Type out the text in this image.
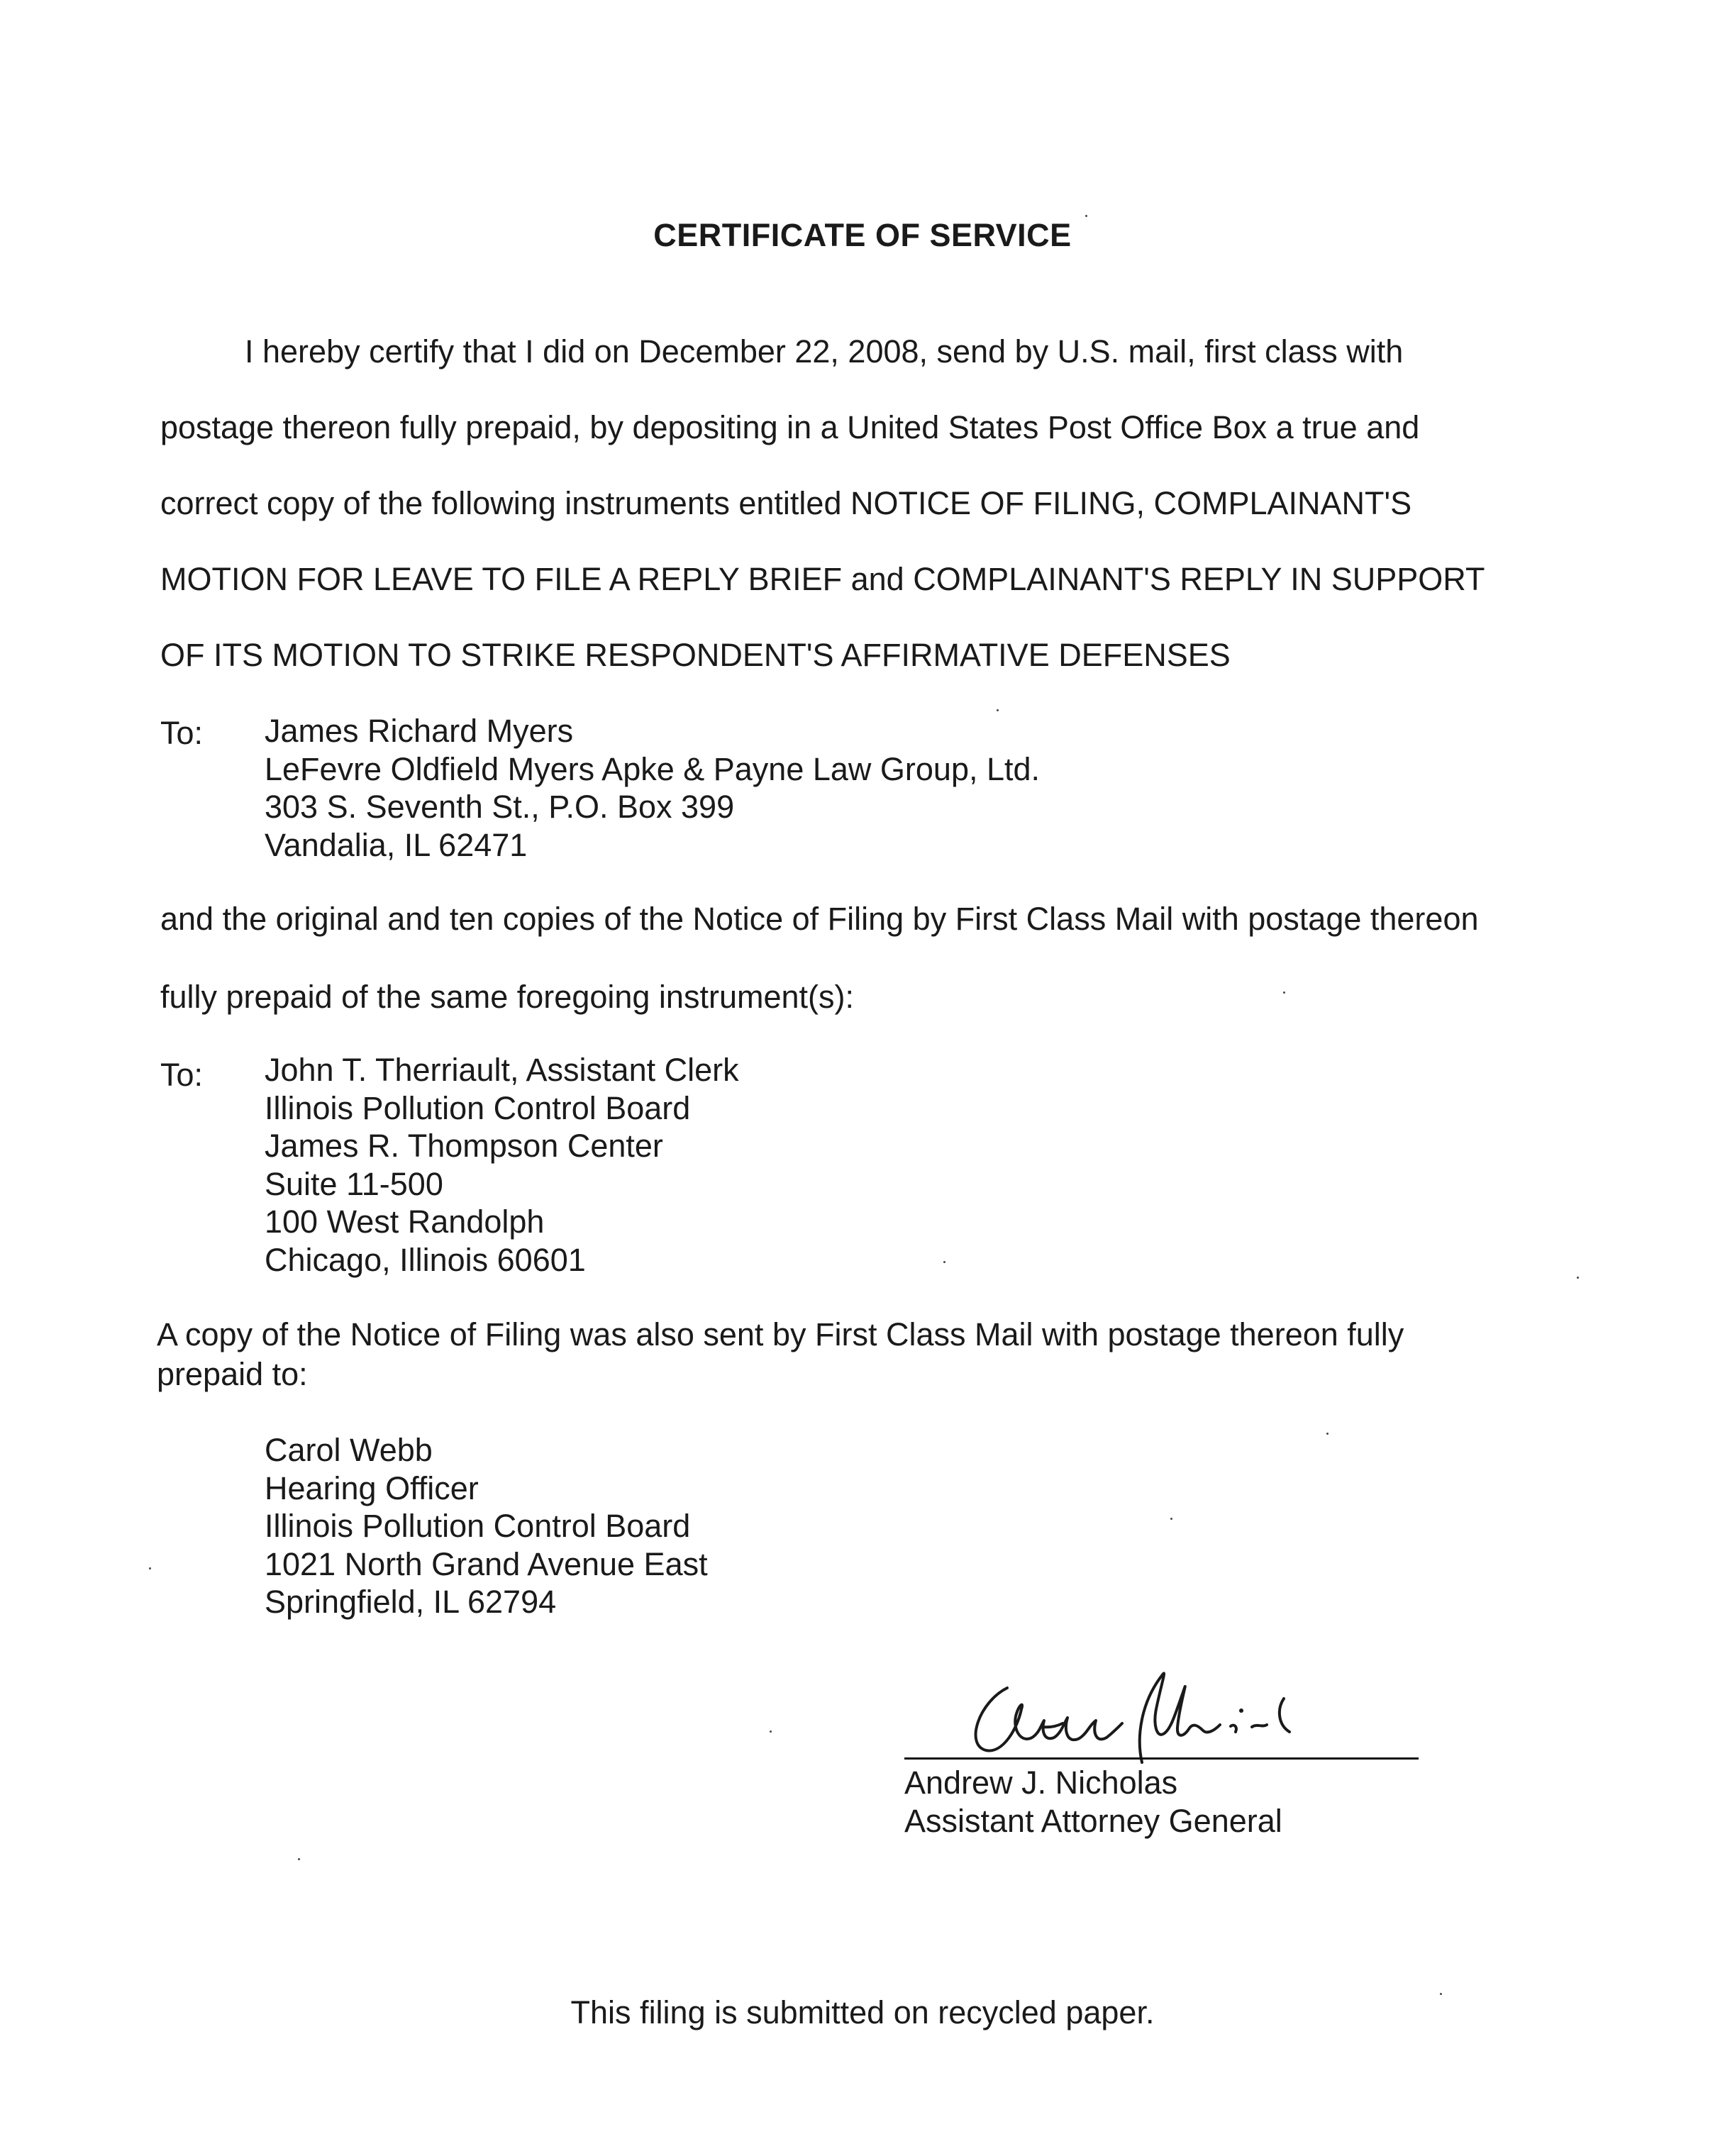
CERTIFICATE OF SERVICE
I hereby certify that I did on December 22, 2008, send by U.S. mail, first class with
postage thereon fully prepaid, by depositing in a United States Post Office Box a true and
correct copy of the following instruments entitled NOTICE OF FILING, COMPLAINANT'S
MOTION FOR LEAVE TO FILE A REPLY BRIEF and COMPLAINANT'S REPLY IN SUPPORT
OF ITS MOTION TO STRIKE RESPONDENT'S AFFIRMATIVE DEFENSES
To: James Richard Myers
LeFevre Oldfield Myers Apke & Payne Law Group, Ltd.
303 S. Seventh St., P.O. Box 399
Vandalia, IL 62471
and the original and ten copies of the Notice of Filing by First Class Mail with postage thereon
fully prepaid of the same foregoing instrument(s):
To: John T. Therriault, Assistant Clerk
Illinois Pollution Control Board
James R. Thompson Center
Suite 11-500
100 West Randolph
Chicago, Illinois 60601
A copy of the Notice of Filing was also sent by First Class Mail with postage thereon fully
prepaid to:
Carol Webb
Hearing Officer
Illinois Pollution Control Board
1021 North Grand Avenue East
Springfield, IL 62794
Andrew J. Nicholas
Assistant Attorney General
This filing is submitted on recycled paper.
